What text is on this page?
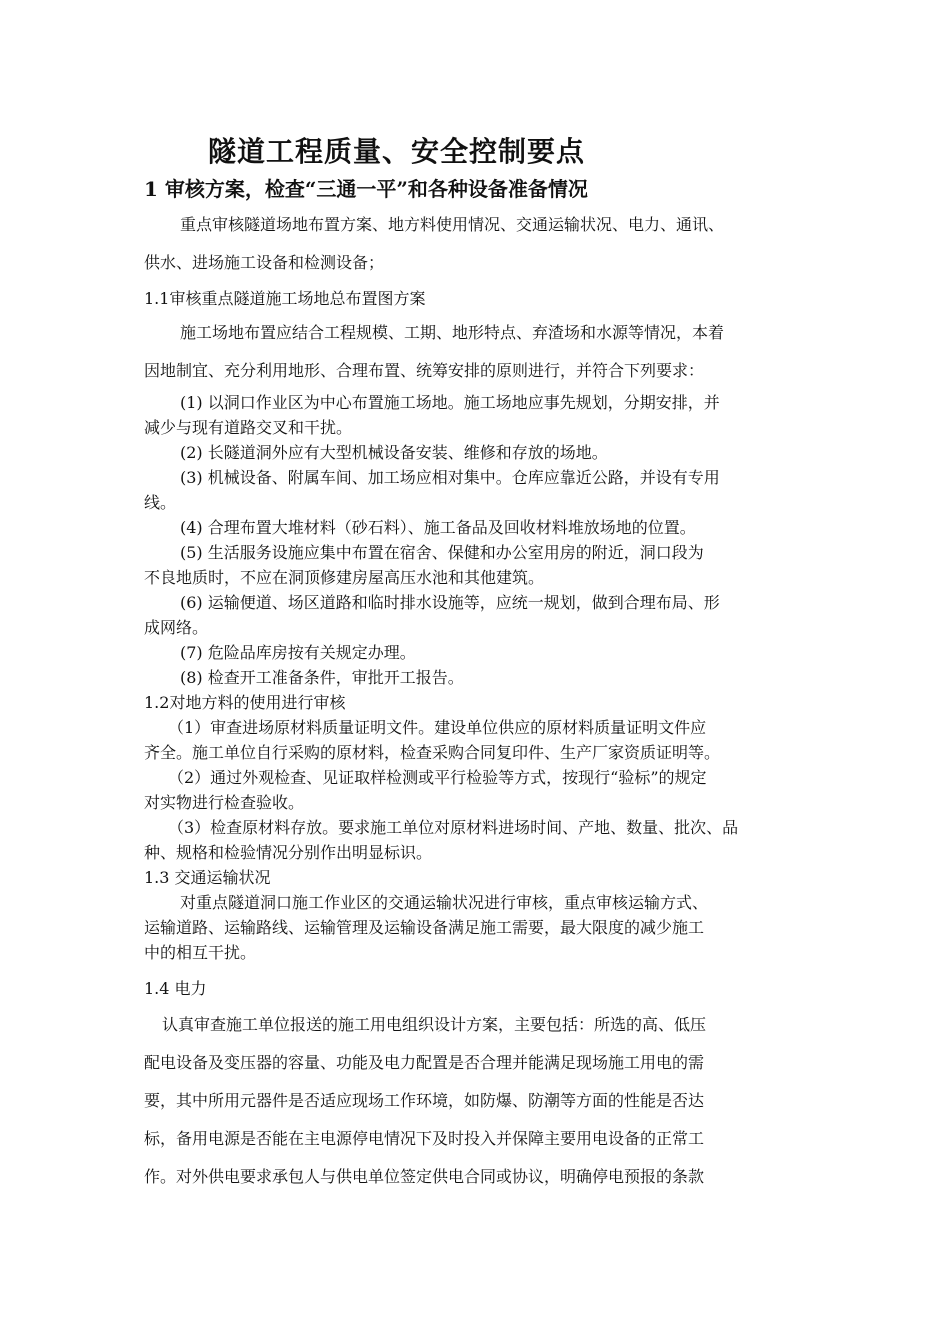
隧道工程质量、安全控制要点
1 审核方案，检查“三通一平”和各种设备准备情况
重点审核隧道场地布置方案、地方料使用情况、交通运输状况、电力、通讯、
供水、进场施工设备和检测设备；
1.1审核重点隧道施工场地总布置图方案
施工场地布置应结合工程规模、工期、地形特点、弃渣场和水源等情况，本着
因地制宜、充分利用地形、合理布置、统筹安排的原则进行，并符合下列要求：
(1) 以洞口作业区为中心布置施工场地。施工场地应事先规划，分期安排，并
减少与现有道路交叉和干扰。
(2) 长隧道洞外应有大型机械设备安装、维修和存放的场地。
(3) 机械设备、附属车间、加工场应相对集中。仓库应靠近公路，并设有专用
线。
(4) 合理布置大堆材料（砂石料）、施工备品及回收材料堆放场地的位置。
(5) 生活服务设施应集中布置在宿舍、保健和办公室用房的附近，洞口段为
不良地质时，不应在洞顶修建房屋高压水池和其他建筑。
(6) 运输便道、场区道路和临时排水设施等，应统一规划，做到合理布局、形
成网络。
(7) 危险品库房按有关规定办理。
(8) 检查开工准备条件，审批开工报告。
1.2对地方料的使用进行审核
（1）审查进场原材料质量证明文件。建设单位供应的原材料质量证明文件应
齐全。施工单位自行采购的原材料，检查采购合同复印件、生产厂家资质证明等。
（2）通过外观检查、见证取样检测或平行检验等方式，按现行“验标”的规定
对实物进行检查验收。
（3）检查原材料存放。要求施工单位对原材料进场时间、产地、数量、批次、品
种、规格和检验情况分别作出明显标识。
1.3 交通运输状况
对重点隧道洞口施工作业区的交通运输状况进行审核，重点审核运输方式、
运输道路、运输路线、运输管理及运输设备满足施工需要，最大限度的减少施工
中的相互干扰。
1.4 电力
认真审查施工单位报送的施工用电组织设计方案，主要包括：所选的高、低压
配电设备及变压器的容量、功能及电力配置是否合理并能满足现场施工用电的需
要，其中所用元器件是否适应现场工作环境，如防爆、防潮等方面的性能是否达
标，备用电源是否能在主电源停电情况下及时投入并保障主要用电设备的正常工
作。对外供电要求承包人与供电单位签定供电合同或协议，明确停电预报的条款
